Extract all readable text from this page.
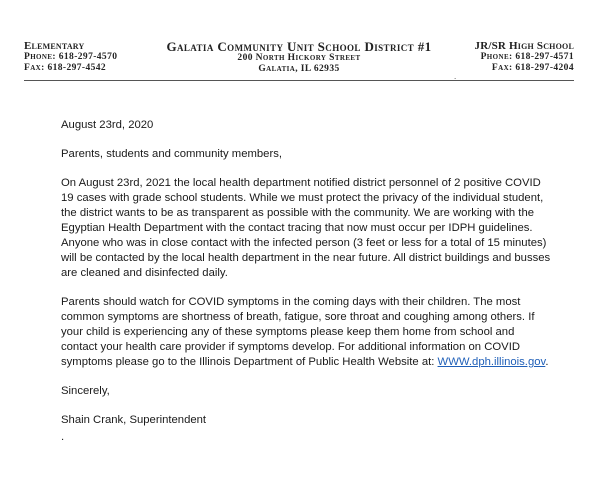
Elementary
Phone: 618-297-4570
Fax: 618-297-4542
Galatia Community Unit School District #1
200 North Hickory Street
Galatia, IL 62935
JR/SR High School
Phone: 618-297-4571
Fax: 618-297-4204
.

August 23rd, 2020

Parents, students and community members,

On August 23rd, 2021 the local health department notified district personnel of 2 positive COVID 19 cases with grade school students. While we must protect the privacy of the individual student, the district wants to be as transparent as possible with the community. We are working with the Egyptian Health Department with the contact tracing that now must occur per IDPH guidelines. Anyone who was in close contact with the infected person (3 feet or less for a total of 15 minutes) will be contacted by the local health department in the near future. All district buildings and busses are cleaned and disinfected daily.

Parents should watch for COVID symptoms in the coming days with their children. The most common symptoms are shortness of breath, fatigue, sore throat and coughing among others. If your child is experiencing any of these symptoms please keep them home from school and contact your health care provider if symptoms develop. For additional information on COVID symptoms please go to the Illinois Department of Public Health Website at: WWW.dph.illinois.gov.

Sincerely,

Shain Crank, Superintendent

.
